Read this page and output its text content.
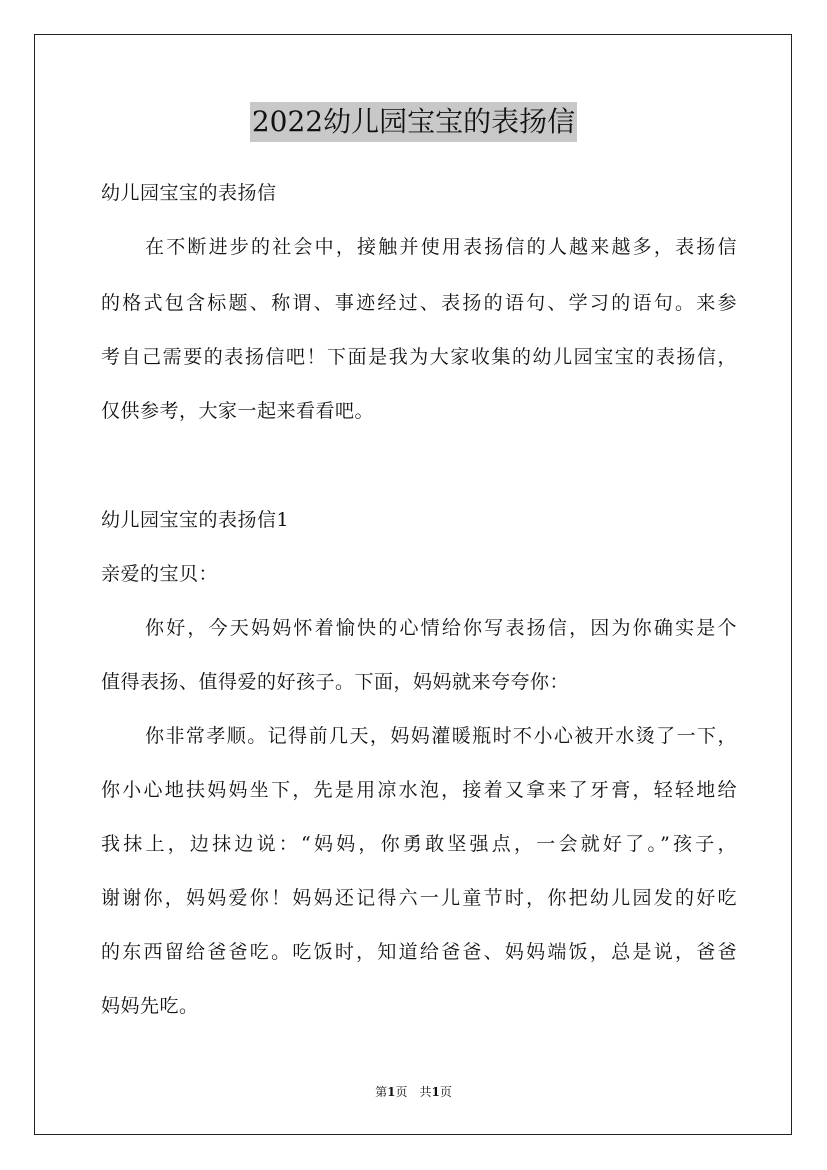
2022幼儿园宝宝的表扬信
幼儿园宝宝的表扬信
在不断进步的社会中，接触并使用表扬信的人越来越多，表扬信
的格式包含标题、称谓、事迹经过、表扬的语句、学习的语句。来参
考自己需要的表扬信吧！下面是我为大家收集的幼儿园宝宝的表扬信，
仅供参考，大家一起来看看吧。
幼儿园宝宝的表扬信1
亲爱的宝贝：
你好，今天妈妈怀着愉快的心情给你写表扬信，因为你确实是个
值得表扬、值得爱的好孩子。下面，妈妈就来夸夸你：
你非常孝顺。记得前几天，妈妈灌暖瓶时不小心被开水烫了一下，
你小心地扶妈妈坐下，先是用凉水泡，接着又拿来了牙膏，轻轻地给
我抹上，边抹边说：“妈妈，你勇敢坚强点，一会就好了。”孩子，
谢谢你，妈妈爱你！妈妈还记得六一儿童节时，你把幼儿园发的好吃
的东西留给爸爸吃。吃饭时，知道给爸爸、妈妈端饭，总是说，爸爸
妈妈先吃。
第1页　共1页
